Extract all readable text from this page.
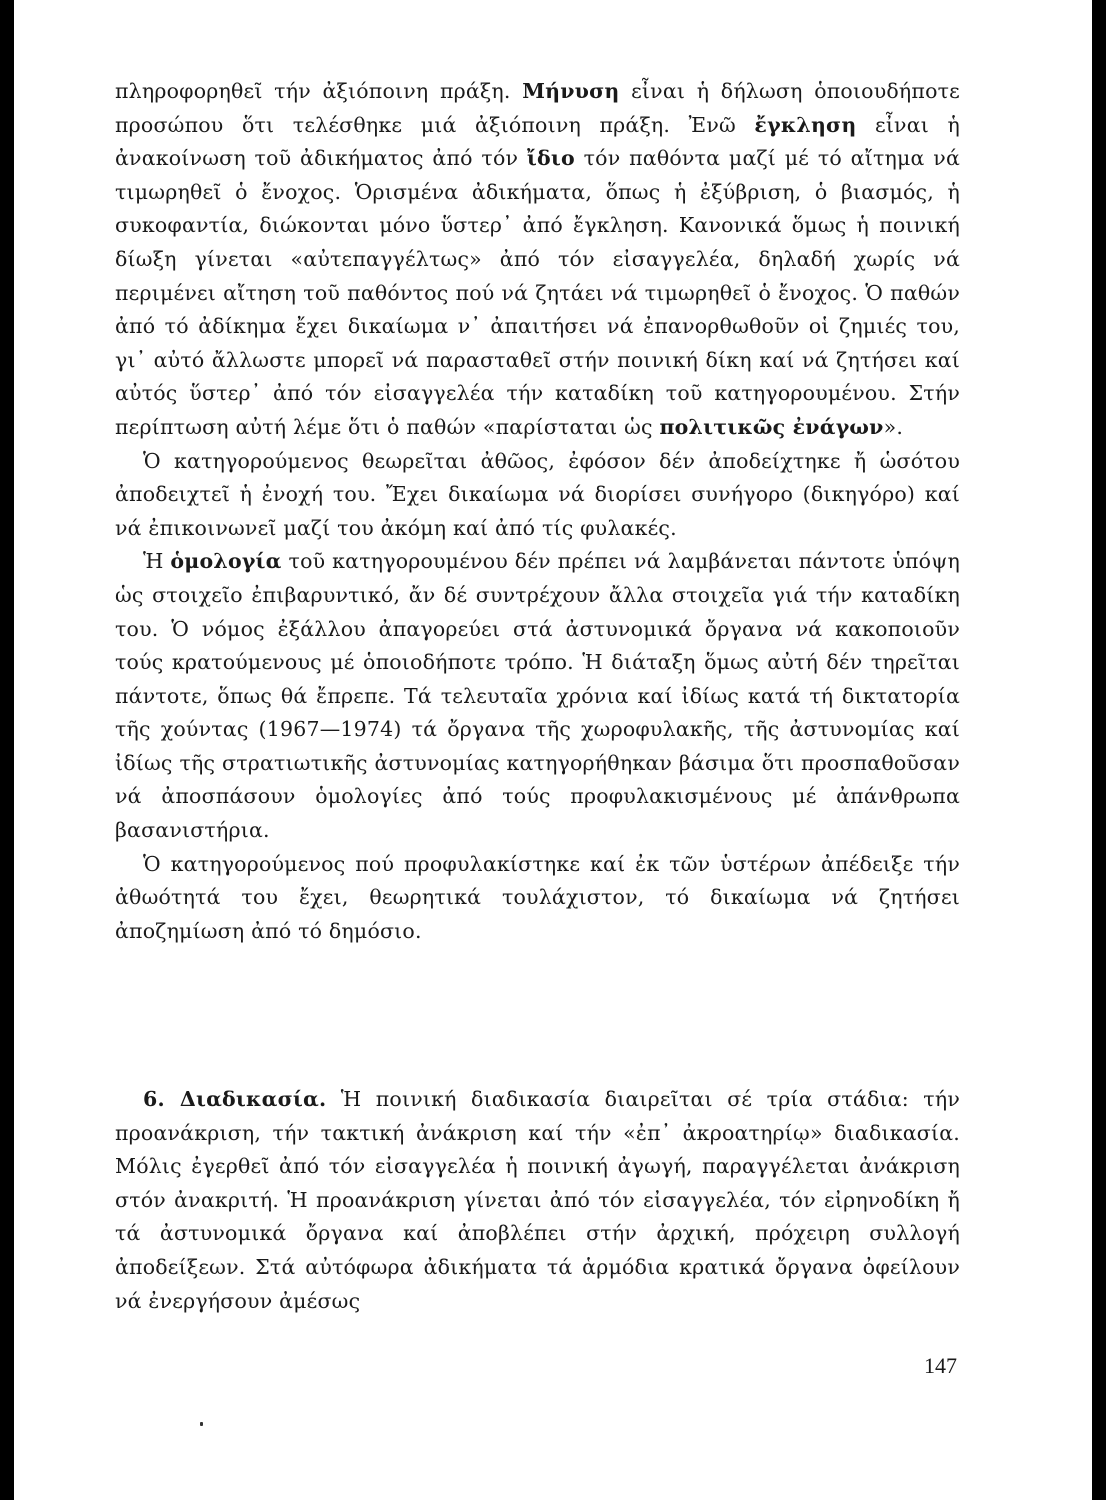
πληροφορηθεῖ τήν ἀξιόποινη πράξη. Μήνυση εἶναι ἡ δήλωση ὁποιουδήποτε προσώπου ὅτι τελέσθηκε μιά ἀξιόποινη πράξη. Ἐνῶ ἔγκληση εἶναι ἡ ἀνακοίνωση τοῦ ἀδικήματος ἀπό τόν ἴδιο τόν παθόντα μαζί μέ τό αἴτημα νά τιμωρηθεῖ ὁ ἔνοχος. Ὁρισμένα ἀδικήματα, ὅπως ἡ ἐξύβριση, ὁ βιασμός, ἡ συκοφαντία, διώκονται μόνο ὕστερ᾽ ἀπό ἔγκληση. Κανονικά ὅμως ἡ ποινική δίωξη γίνεται «αὐτεπαγγέλτως» ἀπό τόν εἰσαγγελέα, δηλαδή χωρίς νά περιμένει αἴτηση τοῦ παθόντος πού νά ζητάει νά τιμωρηθεῖ ὁ ἔνοχος. Ὁ παθών ἀπό τό ἀδίκημα ἔχει δικαίωμα ν᾽ ἀπαιτήσει νά ἐπανορθωθοῦν οἱ ζημιές του, γι᾽ αὐτό ἄλλωστε μπορεῖ νά παρασταθεῖ στήν ποινική δίκη καί νά ζητήσει καί αὐτός ὕστερ᾽ ἀπό τόν εἰσαγγελέα τήν καταδίκη τοῦ κατηγορουμένου. Στήν περίπτωση αὐτή λέμε ὅτι ὁ παθών «παρίσταται ὡς πολιτικῶς ἐνάγων».

Ὁ κατηγορούμενος θεωρεῖται ἀθῶος, ἐφόσον δέν ἀποδείχτηκε ἤ ὡσότου ἀποδειχτεῖ ἡ ἐνοχή του. Ἔχει δικαίωμα νά διορίσει συνήγορο (δικηγόρο) καί νά ἐπικοινωνεῖ μαζί του ἀκόμη καί ἀπό τίς φυλακές.

Ἡ ὁμολογία τοῦ κατηγορουμένου δέν πρέπει νά λαμβάνεται πάντοτε ὑπόψη ὡς στοιχεῖο ἐπιβαρυντικό, ἄν δέ συντρέχουν ἄλλα στοιχεῖα γιά τήν καταδίκη του. Ὁ νόμος ἐξάλλου ἀπαγορεύει στά ἀστυνομικά ὄργανα νά κακοποιοῦν τούς κρατούμενους μέ ὁποιοδήποτε τρόπο. Ἡ διάταξη ὅμως αὐτή δέν τηρεῖται πάντοτε, ὅπως θά ἔπρεπε. Τά τελευταῖα χρόνια καί ἰδίως κατά τή δικτατορία τῆς χούντας (1967—1974) τά ὄργανα τῆς χωροφυλακῆς, τῆς ἀστυνομίας καί ἰδίως τῆς στρατιωτικῆς ἀστυνομίας κατηγορήθηκαν βάσιμα ὅτι προσπαθοῦσαν νά ἀποσπάσουν ὁμολογίες ἀπό τούς προφυλακισμένους μέ ἀπάνθρωπα βασανιστήρια.

Ὁ κατηγορούμενος πού προφυλακίστηκε καί ἐκ τῶν ὑστέρων ἀπέδειξε τήν ἀθωότητά του ἔχει, θεωρητικά τουλάχιστον, τό δικαίωμα νά ζητήσει ἀποζημίωση ἀπό τό δημόσιο.

6. Διαδικασία. Ἡ ποινική διαδικασία διαιρεῖται σέ τρία στάδια: τήν προανάκριση, τήν τακτική ἀνάκριση καί τήν «ἐπ᾽ ἀκροατηρίῳ» διαδικασία. Μόλις ἐγερθεῖ ἀπό τόν εἰσαγγελέα ἡ ποινική ἀγωγή, παραγγέλεται ἀνάκριση στόν ἀνακριτή. Ἡ προανάκριση γίνεται ἀπό τόν εἰσαγγελέα, τόν εἰρηνοδίκη ἤ τά ἀστυνομικά ὄργανα καί ἀποβλέπει στήν ἀρχική, πρόχειρη συλλογή ἀποδείξεων. Στά αὐτόφωρα ἀδικήματα τά ἁρμόδια κρατικά ὄργανα ὀφείλουν νά ἐνεργήσουν ἀμέσως

147
